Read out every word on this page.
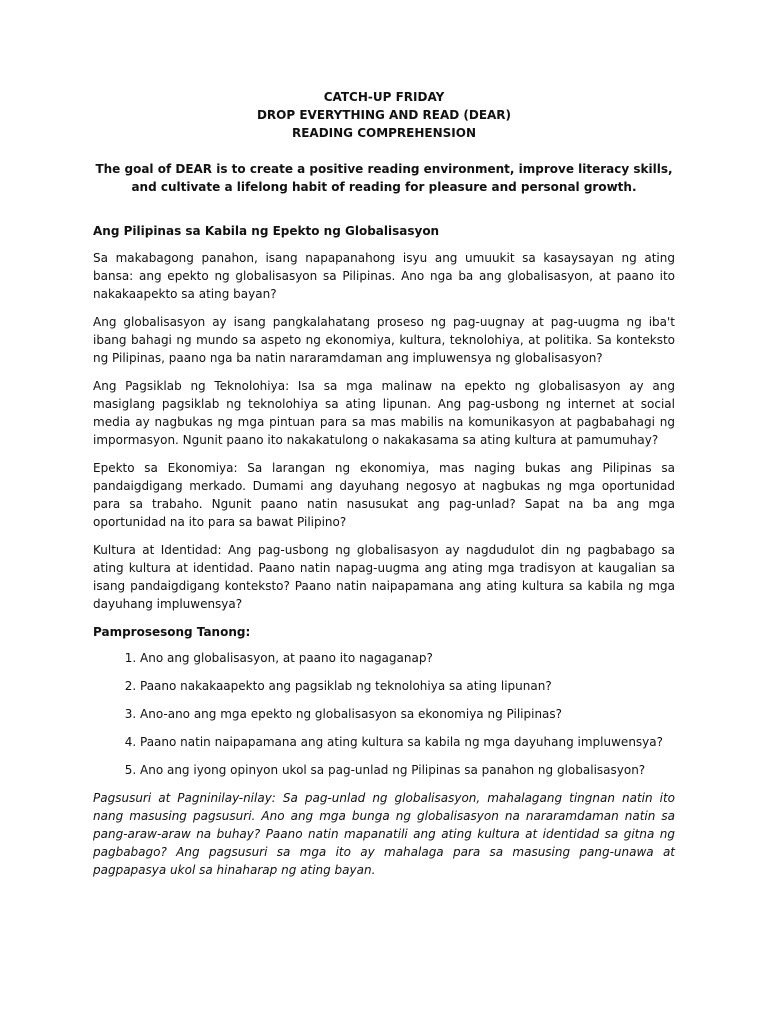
CATCH-UP FRIDAY
DROP EVERYTHING AND READ (DEAR)
READING COMPREHENSION
The goal of DEAR is to create a positive reading environment, improve literacy skills, and cultivate a lifelong habit of reading for pleasure and personal growth.
Ang Pilipinas sa Kabila ng Epekto ng Globalisasyon

Sa makabagong panahon, isang napapanahong isyu ang umuukit sa kasaysayan ng ating bansa: ang epekto ng globalisasyon sa Pilipinas. Ano nga ba ang globalisasyon, at paano ito nakakaapekto sa ating bayan?

Ang globalisasyon ay isang pangkalahatang proseso ng pag-uugnay at pag-uugma ng iba't ibang bahagi ng mundo sa aspeto ng ekonomiya, kultura, teknolohiya, at politika. Sa konteksto ng Pilipinas, paano nga ba natin nararamdaman ang impluwensya ng globalisasyon?

Ang Pagsiklab ng Teknolohiya: Isa sa mga malinaw na epekto ng globalisasyon ay ang masiglang pagsiklab ng teknolohiya sa ating lipunan. Ang pag-usbong ng internet at social media ay nagbukas ng mga pintuan para sa mas mabilis na komunikasyon at pagbabahagi ng impormasyon. Ngunit paano ito nakakatulong o nakakasama sa ating kultura at pamumuhay?

Epekto sa Ekonomiya: Sa larangan ng ekonomiya, mas naging bukas ang Pilipinas sa pandaigdigang merkado. Dumami ang dayuhang negosyo at nagbukas ng mga oportunidad para sa trabaho. Ngunit paano natin nasusukat ang pag-unlad? Sapat na ba ang mga oportunidad na ito para sa bawat Pilipino?

Kultura at Identidad: Ang pag-usbong ng globalisasyon ay nagdudulot din ng pagbabago sa ating kultura at identidad. Paano natin napag-uugma ang ating mga tradisyon at kaugalian sa isang pandaigdigang konteksto? Paano natin naipapamana ang ating kultura sa kabila ng mga dayuhang impluwensya?

Pamprosesong Tanong:
1. Ano ang globalisasyon, at paano ito nagaganap?
2. Paano nakakaapekto ang pagsiklab ng teknolohiya sa ating lipunan?
3. Ano-ano ang mga epekto ng globalisasyon sa ekonomiya ng Pilipinas?
4. Paano natin naipapamana ang ating kultura sa kabila ng mga dayuhang impluwensya?
5. Ano ang iyong opinyon ukol sa pag-unlad ng Pilipinas sa panahon ng globalisasyon?

Pagsusuri at Pagninilay-nilay: Sa pag-unlad ng globalisasyon, mahalagang tingnan natin ito nang masusing pagsusuri. Ano ang mga bunga ng globalisasyon na nararamdaman natin sa pang-araw-araw na buhay? Paano natin mapanatili ang ating kultura at identidad sa gitna ng pagbabago? Ang pagsusuri sa mga ito ay mahalaga para sa masusing pang-unawa at pagpapasya ukol sa hinaharap ng ating bayan.
